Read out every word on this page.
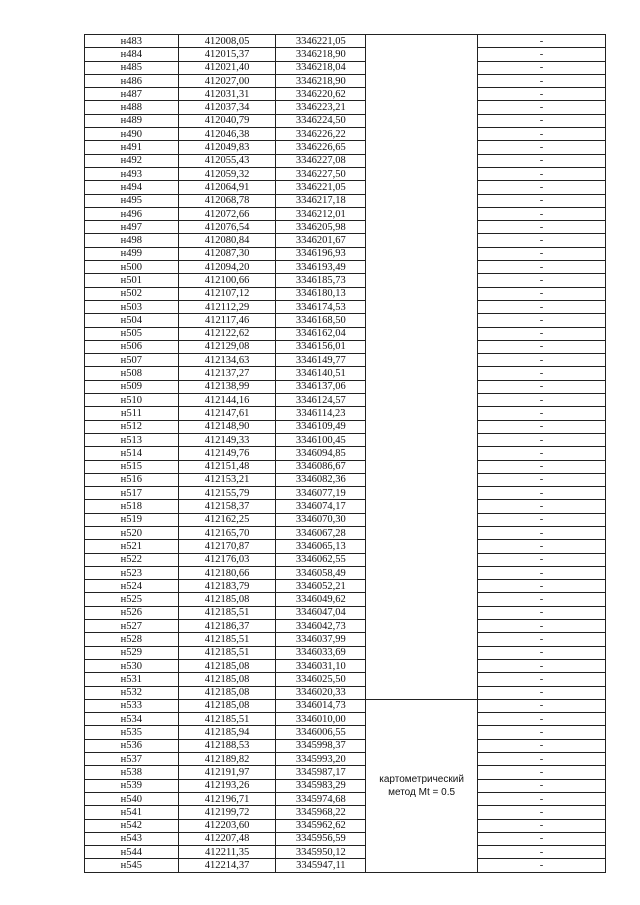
н483	412008,05	3346221,05		-
н484	412015,37	3346218,90		-
н485	412021,40	3346218,04		-
н486	412027,00	3346218,90		-
н487	412031,31	3346220,62		-
н488	412037,34	3346223,21		-
н489	412040,79	3346224,50		-
н490	412046,38	3346226,22		-
н491	412049,83	3346226,65		-
н492	412055,43	3346227,08		-
н493	412059,32	3346227,50		-
н494	412064,91	3346221,05		-
н495	412068,78	3346217,18		-
н496	412072,66	3346212,01		-
н497	412076,54	3346205,98		-
н498	412080,84	3346201,67		-
н499	412087,30	3346196,93		-
н500	412094,20	3346193,49		-
н501	412100,66	3346185,73		-
н502	412107,12	3346180,13		-
н503	412112,29	3346174,53		-
н504	412117,46	3346168,50		-
н505	412122,62	3346162,04		-
н506	412129,08	3346156,01		-
н507	412134,63	3346149,77		-
н508	412137,27	3346140,51		-
н509	412138,99	3346137,06		-
н510	412144,16	3346124,57		-
н511	412147,61	3346114,23		-
н512	412148,90	3346109,49		-
н513	412149,33	3346100,45		-
н514	412149,76	3346094,85		-
н515	412151,48	3346086,67		-
н516	412153,21	3346082,36		-
н517	412155,79	3346077,19		-
н518	412158,37	3346074,17		-
н519	412162,25	3346070,30		-
н520	412165,70	3346067,28		-
н521	412170,87	3346065,13		-
н522	412176,03	3346062,55		-
н523	412180,66	3346058,49		-
н524	412183,79	3346052,21		-
н525	412185,08	3346049,62		-
н526	412185,51	3346047,04		-
н527	412186,37	3346042,73		-
н528	412185,51	3346037,99		-
н529	412185,51	3346033,69		-
н530	412185,08	3346031,10		-
н531	412185,08	3346025,50		-
н532	412185,08	3346020,33		-
н533	412185,08	3346014,73	картометрический метод Mt = 0.5	-
н534	412185,51	3346010,00		-
н535	412185,94	3346006,55		-
н536	412188,53	3345998,37		-
н537	412189,82	3345993,20		-
н538	412191,97	3345987,17		-
н539	412193,26	3345983,29		-
н540	412196,71	3345974,68		-
н541	412199,72	3345968,22		-
н542	412203,60	3345962,62		-
н543	412207,48	3345956,59		-
н544	412211,35	3345950,12		-
н545	412214,37	3345947,11		-
